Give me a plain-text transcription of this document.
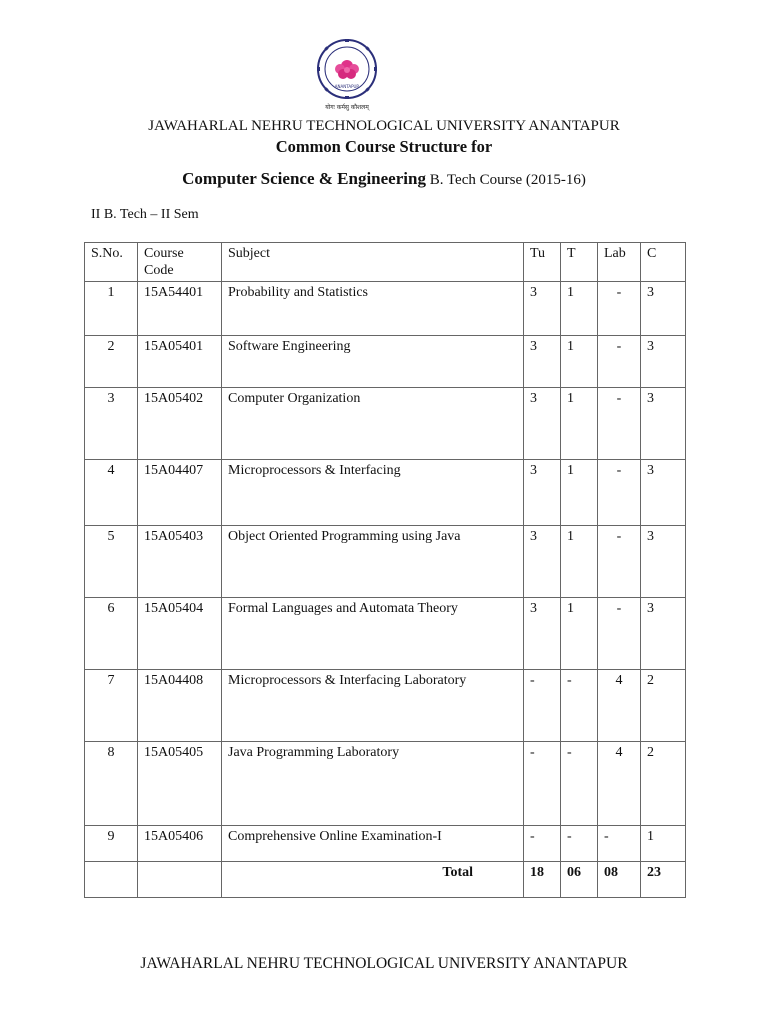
ANANTAPUR
योगः कर्मसु कौशलम्
JAWAHARLAL NEHRU TECHNOLOGICAL UNIVERSITY ANANTAPUR
Common Course Structure for
Computer Science & Engineering B. Tech Course (2015-16)
II B. Tech – II Sem
S.No.	Course Code	Subject	Tu	T	Lab	C
1	15A54401	Probability and Statistics	3	1	-	3
2	15A05401	Software Engineering	3	1	-	3
3	15A05402	Computer Organization	3	1	-	3
4	15A04407	Microprocessors & Interfacing	3	1	-	3
5	15A05403	Object Oriented Programming using Java	3	1	-	3
6	15A05404	Formal Languages and Automata Theory	3	1	-	3
7	15A04408	Microprocessors & Interfacing Laboratory	-	-	4	2
8	15A05405	Java Programming Laboratory	-	-	4	2
9	15A05406	Comprehensive Online Examination-I	-	-	-	1
		Total	18	06	08	23
JAWAHARLAL NEHRU TECHNOLOGICAL UNIVERSITY ANANTAPUR
